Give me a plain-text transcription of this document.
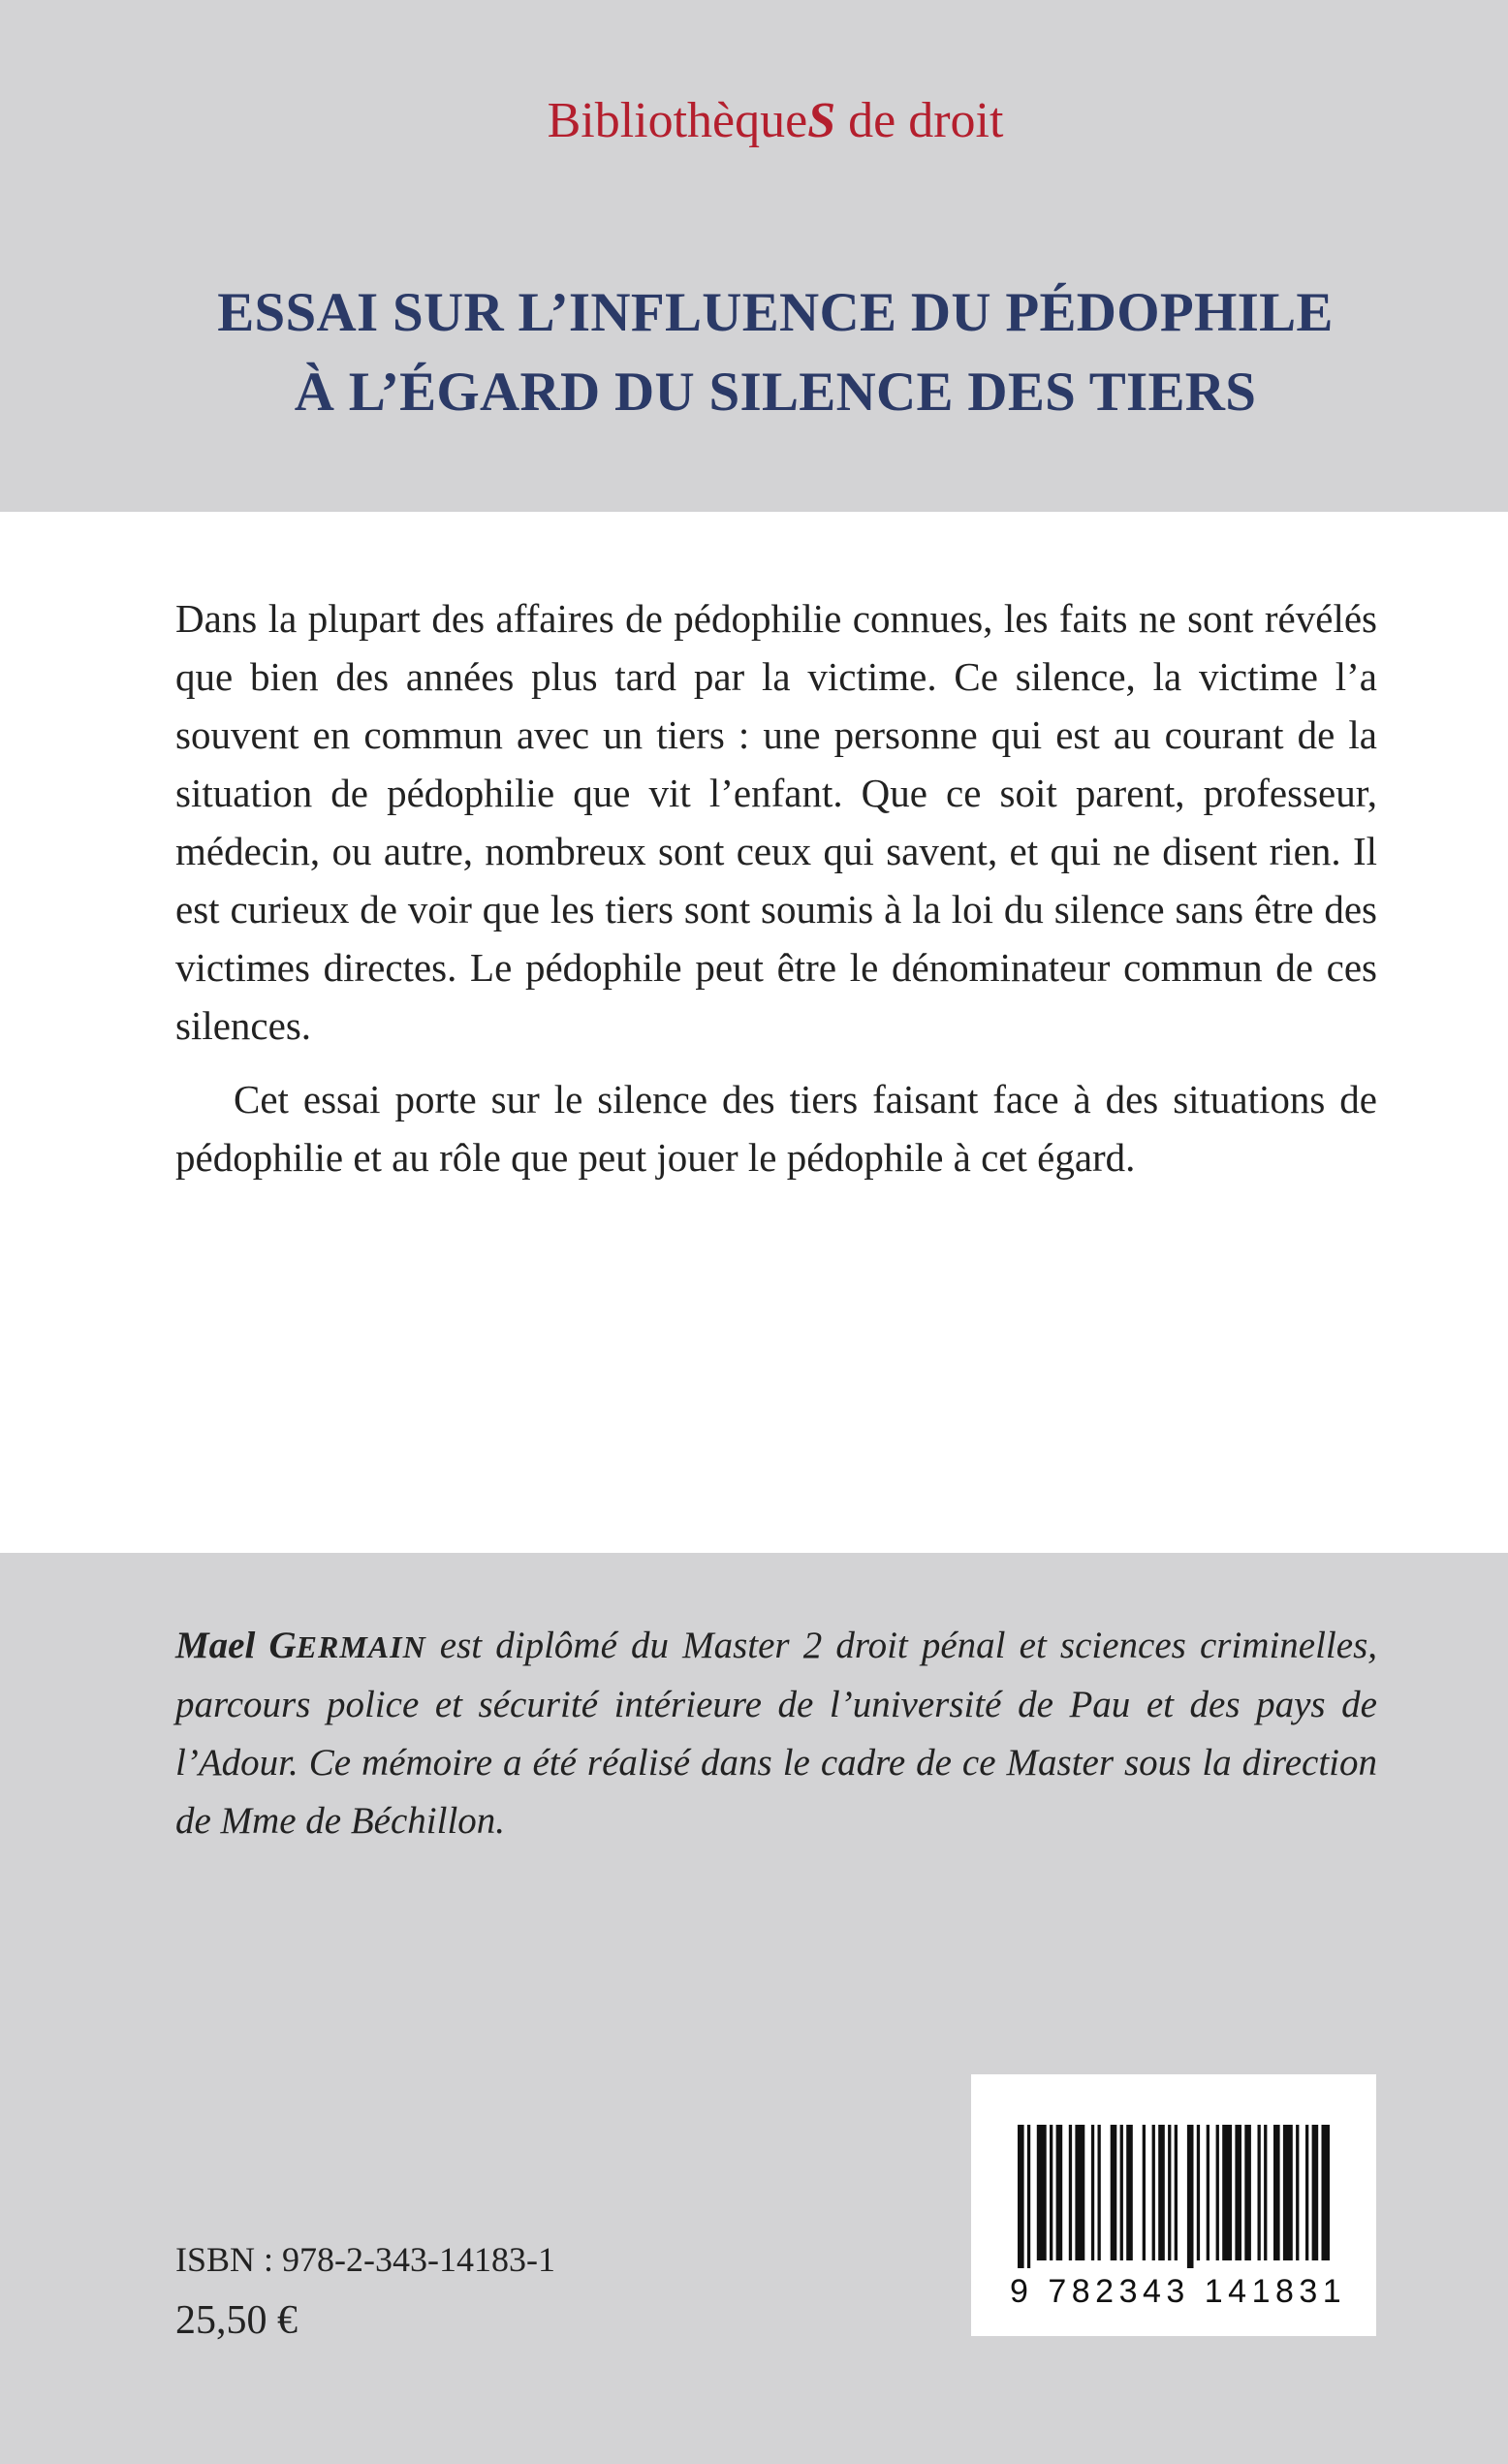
BibliothèqueS de droit
ESSAI SUR L’INFLUENCE DU PÉDOPHILE
À L’ÉGARD DU SILENCE DES TIERS

Dans la plupart des affaires de pédophilie connues, les faits ne sont révélés que bien des années plus tard par la victime. Ce silence, la victime l’a souvent en commun avec un tiers : une personne qui est au courant de la situation de pédophilie que vit l’enfant. Que ce soit parent, professeur, médecin, ou autre, nombreux sont ceux qui savent, et qui ne disent rien. Il est curieux de voir que les tiers sont soumis à la loi du silence sans être des victimes directes. Le pédophile peut être le dénominateur commun de ces silences.

Cet essai porte sur le silence des tiers faisant face à des situations de pédophilie et au rôle que peut jouer le pédophile à cet égard.

Mael GERMAIN est diplômé du Master 2 droit pénal et sciences criminelles, parcours police et sécurité intérieure de l’université de Pau et des pays de l’Adour. Ce mémoire a été réalisé dans le cadre de ce Master sous la direction de Mme de Béchillon.
ISBN : 978-2-343-14183-1
25,50 €
9 782343 141831
